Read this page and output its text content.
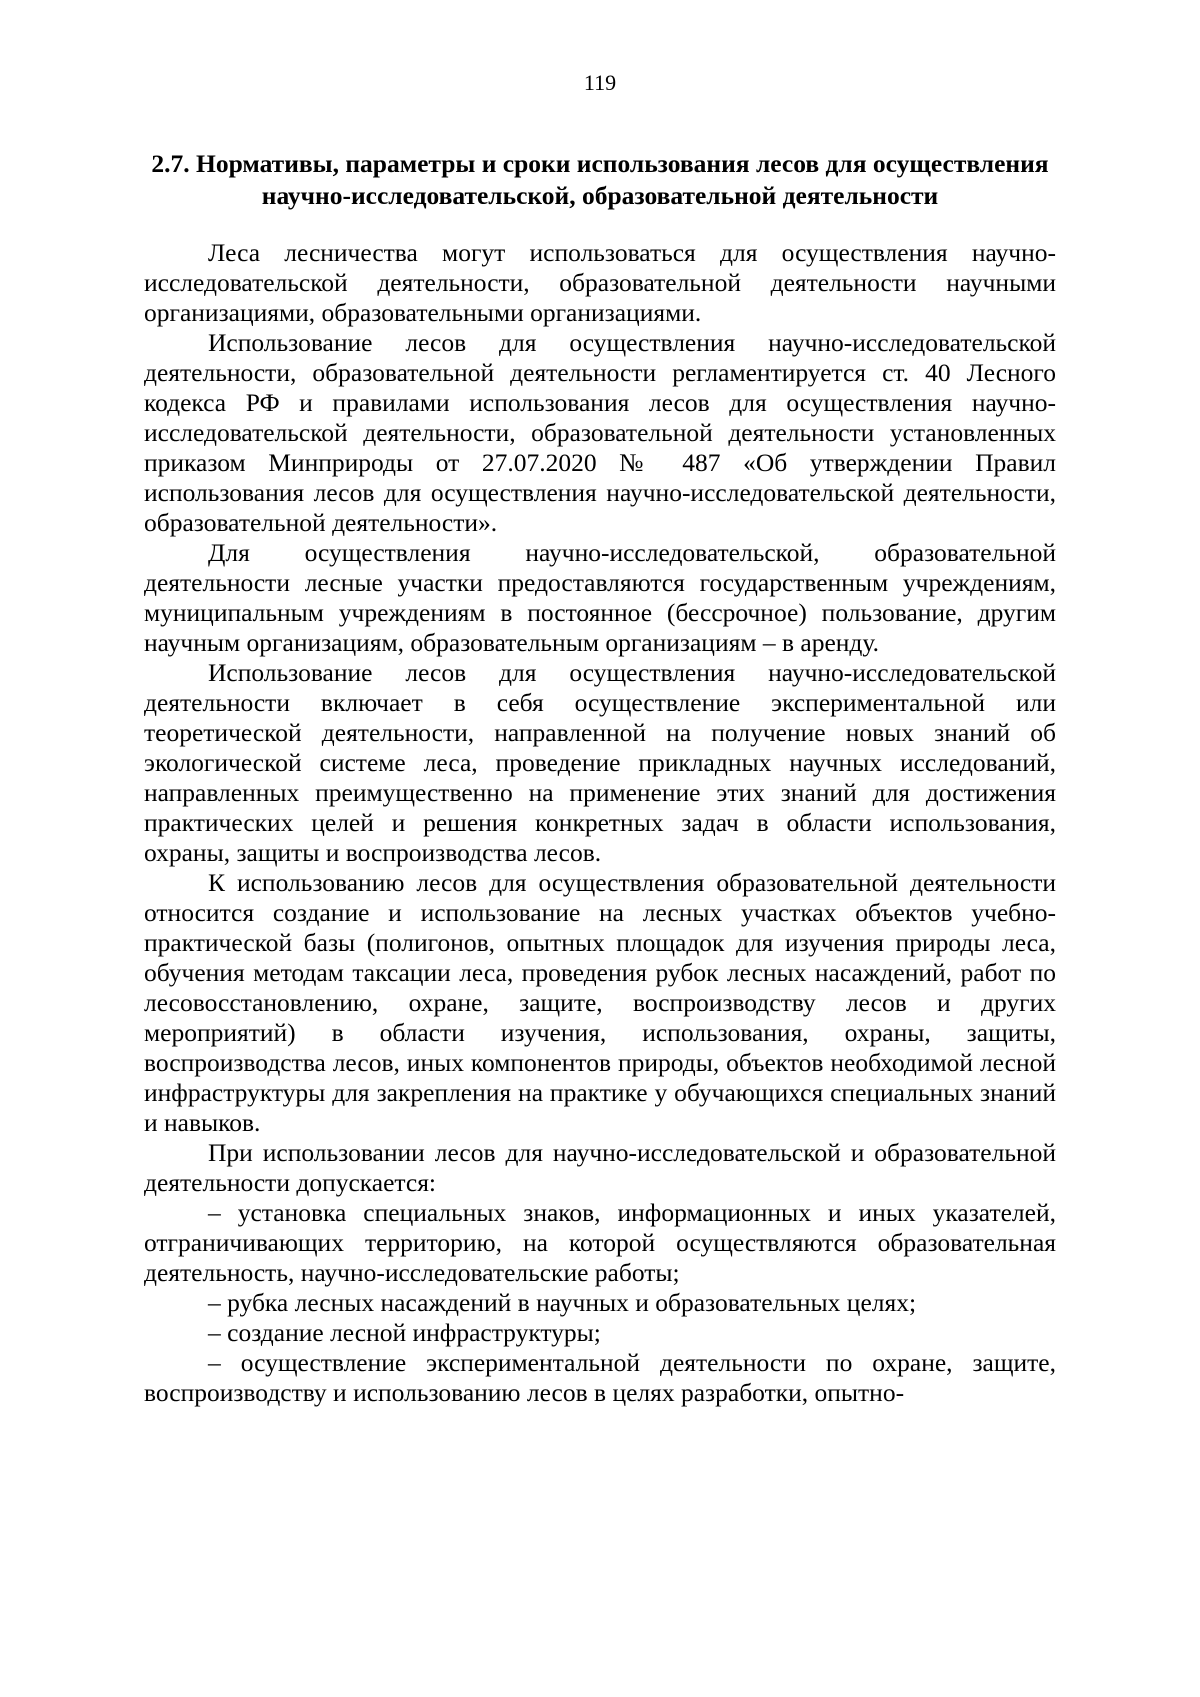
119
2.7. Нормативы, параметры и сроки использования лесов для осуществления научно-исследовательской, образовательной деятельности

Леса лесничества могут использоваться для осуществления научно-исследовательской деятельности, образовательной деятельности научными организациями, образовательными организациями.

Использование лесов для осуществления научно-исследовательской деятельности, образовательной деятельности регламентируется ст. 40 Лесного кодекса РФ и правилами использования лесов для осуществления научно-исследовательской деятельности, образовательной деятельности установленных приказом Минприроды от 27.07.2020 № 487 «Об утверждении Правил использования лесов для осуществления научно-исследовательской деятельности, образовательной деятельности».

Для осуществления научно-исследовательской, образовательной деятельности лесные участки предоставляются государственным учреждениям, муниципальным учреждениям в постоянное (бессрочное) пользование, другим научным организациям, образовательным организациям – в аренду.

Использование лесов для осуществления научно-исследовательской деятельности включает в себя осуществление экспериментальной или теоретической деятельности, направленной на получение новых знаний об экологической системе леса, проведение прикладных научных исследований, направленных преимущественно на применение этих знаний для достижения практических целей и решения конкретных задач в области использования, охраны, защиты и воспроизводства лесов.

К использованию лесов для осуществления образовательной деятельности относится создание и использование на лесных участках объектов учебно-практической базы (полигонов, опытных площадок для изучения природы леса, обучения методам таксации леса, проведения рубок лесных насаждений, работ по лесовосстановлению, охране, защите, воспроизводству лесов и других мероприятий) в области изучения, использования, охраны, защиты, воспроизводства лесов, иных компонентов природы, объектов необходимой лесной инфраструктуры для закрепления на практике у обучающихся специальных знаний и навыков.

При использовании лесов для научно-исследовательской и образовательной деятельности допускается:

– установка специальных знаков, информационных и иных указателей, отграничивающих территорию, на которой осуществляются образовательная деятельность, научно-исследовательские работы;

– рубка лесных насаждений в научных и образовательных целях;

– создание лесной инфраструктуры;

– осуществление экспериментальной деятельности по охране, защите, воспроизводству и использованию лесов в целях разработки, опытно-
